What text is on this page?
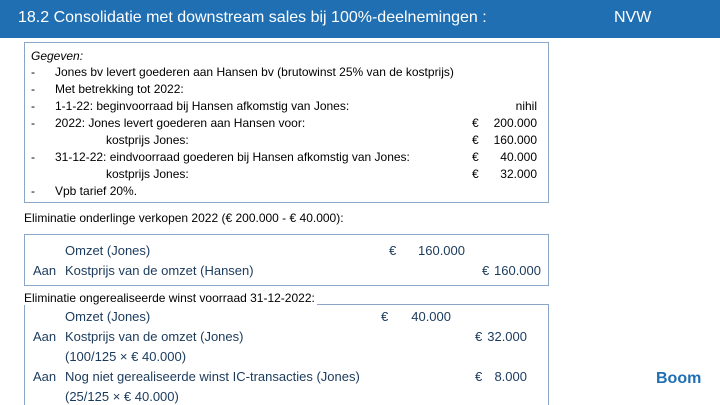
18.2 Consolidatie met downstream sales bij 100%-deelnemingen :	NVW
Gegeven:
- Jones bv levert goederen aan Hansen bv (brutowinst 25% van de kostprijs)
- Met betrekking tot 2022:
- 1-1-22: beginvoorraad bij Hansen afkomstig van Jones:	nihil
- 2022: Jones levert goederen aan Hansen voor:	€ 200.000
kostprijs Jones:	€ 160.000
- 31-12-22: eindvoorraad goederen bij Hansen afkomstig van Jones:	€ 40.000
kostprijs Jones:	€ 32.000
- Vpb tarief 20%.
Eliminatie onderlinge verkopen 2022 (€ 200.000 - € 40.000):
Omzet (Jones)	€	160.000
Aan Kostprijs van de omzet (Hansen)	€ 160.000
Omzet (Jones)	€	40.000
Aan Kostprijs van de omzet (Jones)	€ 32.000
(100/125 × € 40.000)
Aan Nog niet gerealiseerde winst IC-transacties (Jones)	€ 8.000
(25/125 × € 40.000)
Eliminatie ongerealiseerde winst voorraad 31-12-2022:
Boom
